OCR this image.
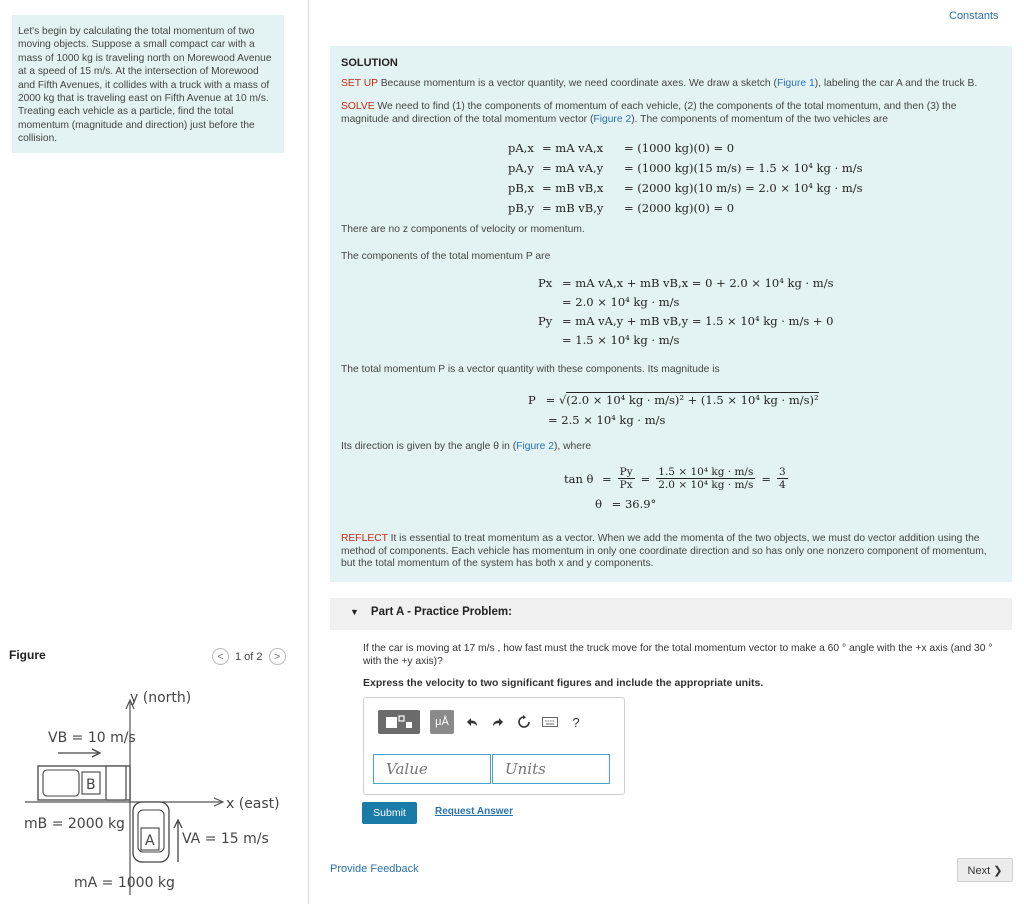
Let's begin by calculating the total momentum of two moving objects. Suppose a small compact car with a mass of 1000 kg is traveling north on Morewood Avenue at a speed of 15 m/s. At the intersection of Morewood and Fifth Avenues, it collides with a truck with a mass of 2000 kg that is traveling east on Fifth Avenue at 10 m/s. Treating each vehicle as a particle, find the total momentum (magnitude and direction) just before the collision.
Figure	< 1 of 2 >
y (north)
x (east)
VB = 10 m/s
B
mB = 2000 kg
A VA = 15 m/s
mA = 1000 kg
Constants
SOLUTION
SET UP Because momentum is a vector quantity, we need coordinate axes. We draw a sketch (Figure 1), labeling the car A and the truck B.
SOLVE We need to find (1) the components of momentum of each vehicle, (2) the components of the total momentum, and then (3) the magnitude and direction of the total momentum vector (Figure 2). The components of momentum of the two vehicles are
pA,x = mA vA,x = (1000 kg)(0) = 0
pA,y = mA vA,y = (1000 kg)(15 m/s) = 1.5 × 10⁴ kg · m/s
pB,x = mB vB,x = (2000 kg)(10 m/s) = 2.0 × 10⁴ kg · m/s
pB,y = mB vB,y = (2000 kg)(0) = 0
There are no z components of velocity or momentum.
The components of the total momentum P are
Px = mA vA,x + mB vB,x = 0 + 2.0 × 10⁴ kg · m/s
= 2.0 × 10⁴ kg · m/s
Py = mA vA,y + mB vB,y = 1.5 × 10⁴ kg · m/s + 0
= 1.5 × 10⁴ kg · m/s
The total momentum P is a vector quantity with these components. Its magnitude is
P = √(2.0 × 10⁴ kg · m/s)² + (1.5 × 10⁴ kg · m/s)²
= 2.5 × 10⁴ kg · m/s
Its direction is given by the angle θ in (Figure 2), where
$\tan \theta = \frac{Py}{Px} = \frac{\text{1.5 × 10⁴ kg · m/s}}{\text{2.0 × 10⁴ kg · m/s}} = \frac{3}{4}$
θ = 36.9°
REFLECT It is essential to treat momentum as a vector. When we add the momenta of the two objects, we must do vector addition using the method of components. Each vehicle has momentum in only one coordinate direction and so has only one nonzero component of momentum, but the total momentum of the system has both x and y components.
▼ Part A - Practice Problem:
If the car is moving at 17 m/s , how fast must the truck move for the total momentum vector to make a 60 ° angle with the +x axis (and 30 ° with the +y axis)?
Express the velocity to two significant figures and include the appropriate units.
μÅ	?
Value
Units
Submit	Request Answer
Provide Feedback	Next ❯
